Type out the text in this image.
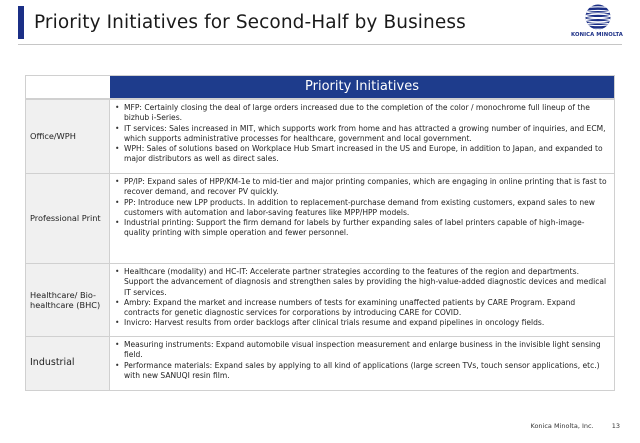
Priority Initiatives for Second-Half by Business
KONICA MINOLTA
Priority Initiatives
Office/WPH
• MFP: Certainly closing the deal of large orders increased due to the completion of the color / monochrome full lineup of the bizhub i-Series.
• IT services: Sales increased in MIT, which supports work from home and has attracted a growing number of inquiries, and ECM, which supports administrative processes for healthcare, government and local government.
• WPH: Sales of solutions based on Workplace Hub Smart increased in the US and Europe, in addition to Japan, and expanded to major distributors as well as direct sales.
Professional Print
• PP/IP: Expand sales of HPP/KM-1e to mid-tier and major printing companies, which are engaging in online printing that is fast to recover demand, and recover PV quickly.
• PP: Introduce new LPP products. In addition to replacement-purchase demand from existing customers, expand sales to new customers with automation and labor-saving features like MPP/HPP models.
• Industrial printing: Support the firm demand for labels by further expanding sales of label printers capable of high-image-quality printing with simple operation and fewer personnel.
Healthcare/ Bio-healthcare (BHC)
• Healthcare (modality) and HC-IT: Accelerate partner strategies according to the features of the region and departments. Support the advancement of diagnosis and strengthen sales by providing the high-value-added diagnostic devices and medical IT services.
• Ambry: Expand the market and increase numbers of tests for examining unaffected patients by CARE Program. Expand contracts for genetic diagnostic services for corporations by introducing CARE for COVID.
• Invicro: Harvest results from order backlogs after clinical trials resume and expand pipelines in oncology fields.
Industrial
• Measuring instruments: Expand automobile visual inspection measurement and enlarge business in the invisible light sensing field.
• Performance materials: Expand sales by applying to all kind of applications (large screen TVs, touch sensor applications, etc.) with new SANUQI resin film.
Konica Minolta, Inc.	13
